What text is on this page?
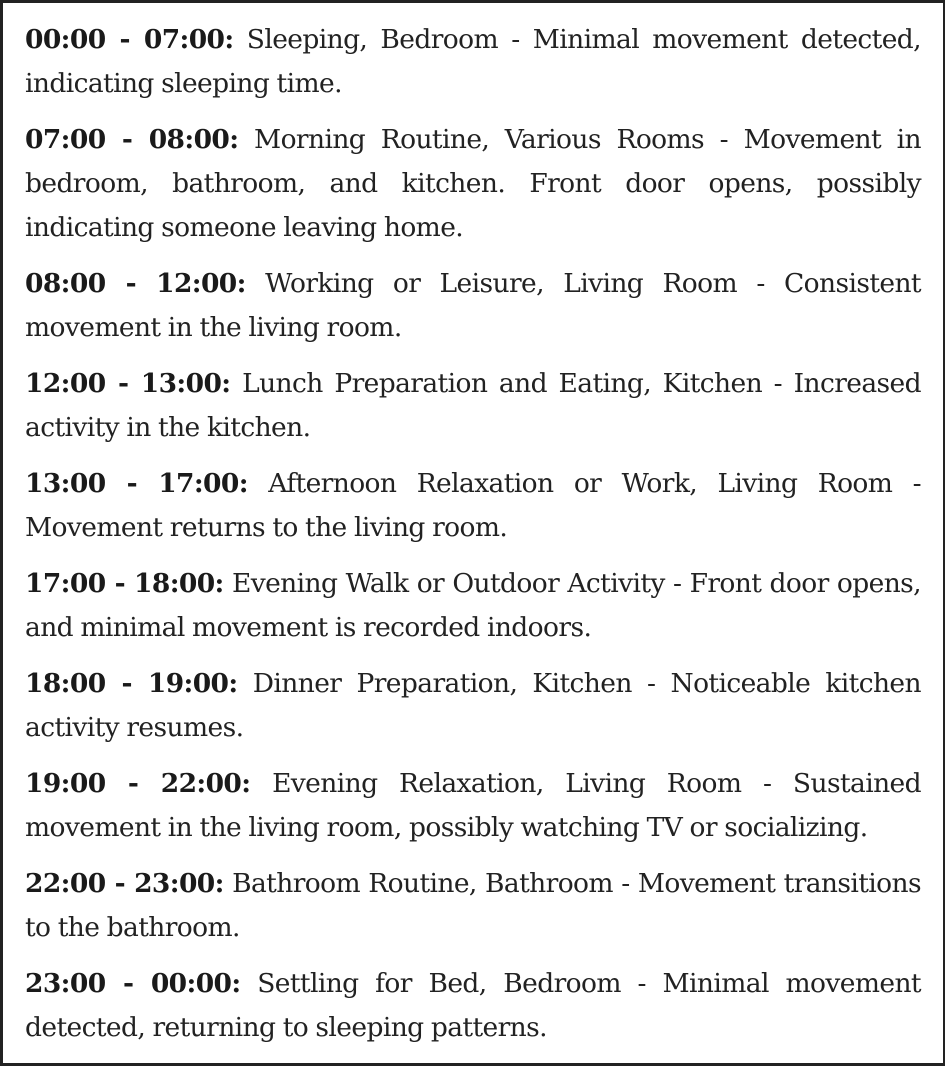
00:00 - 07:00: Sleeping, Bedroom - Minimal movement detected, indicating sleeping time.

07:00 - 08:00: Morning Routine, Various Rooms - Movement in bedroom, bathroom, and kitchen. Front door opens, possibly indicating someone leaving home.

08:00 - 12:00: Working or Leisure, Living Room - Consistent movement in the living room.

12:00 - 13:00: Lunch Preparation and Eating, Kitchen - Increased activity in the kitchen.

13:00 - 17:00: Afternoon Relaxation or Work, Living Room - Movement returns to the living room.

17:00 - 18:00: Evening Walk or Outdoor Activity - Front door opens, and minimal movement is recorded indoors.

18:00 - 19:00: Dinner Preparation, Kitchen - Noticeable kitchen activity resumes.

19:00 - 22:00: Evening Relaxation, Living Room - Sustained movement in the living room, possibly watching TV or socializing.

22:00 - 23:00: Bathroom Routine, Bathroom - Movement transitions to the bathroom.

23:00 - 00:00: Settling for Bed, Bedroom - Minimal movement detected, returning to sleeping patterns.
